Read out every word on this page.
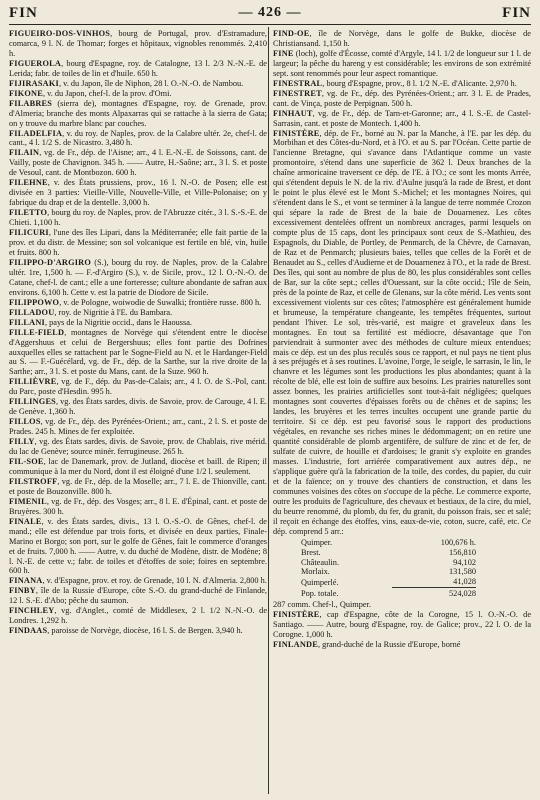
FIN	— 426 —	FIN

FIGUEIRO-DOS-VINHOS, bourg de Portugal, prov. d'Estramadure, comarca, 9 l. N. de Thomar; forges et hôpitaux, vignobles renommés. 2,410 h.

FIGUEROLA, bourg d'Espagne, roy. de Catalogne, 13 l. 2/3 N.-N.-E. de Lerida; fabr. de toiles de lin et d'huile. 650 h.

FIJIRASAKI, v. du Japon, île de Niphon, 28 l. O.-N.-O. de Nambou.

FIKONE, v. du Japon, chef-l. de la prov. d'Omi.

FILABRES (sierra de), montagnes d'Espagne, roy. de Grenade, prov. d'Almeria; branche des monts Alpaxarras qui se rattache à la sierra de Gata; on y trouve du marbre blanc par couches.

FILADELFIA, v. du roy. de Naples, prov. de la Calabre ultér. 2e, chef-l. de cant., 4 l. 1/2 S. de Nicastro. 3,480 h.

FILAIN, vg. de Fr., dép. de l'Aisne; arr., 4 l. E.-N.-E. de Soissons, cant. de Vailly, poste de Chavignon. 345 h. —— Autre, H.-Saône; arr., 3 l. S. et poste de Vesoul, cant. de Montbozon. 600 h.

FILEHNE, v. des États prussiens, prov., 16 l. N.-O. de Posen; elle est divisée en 3 parties: Vieille-Ville, Nouvelle-Ville, et Ville-Polonaise; on y fabrique du drap et de la dentelle. 3,000 h.

FILETTO, bourg du roy. de Naples, prov. de l'Abruzze citér., 3 l. S.-S.-E. de Chieti. 1,100 h.

FILICURI, l'une des îles Lipari, dans la Méditerranée; elle fait partie de la prov. et du distr. de Messine; son sol volcanique est fertile en blé, vin, huile et fruits. 800 h.

FILIPPO-D'ARGIRO (S.), bourg du roy. de Naples, prov. de la Calabre ultér. 1re, 1,500 h. — F.-d'Argiro (S.), v. de Sicile, prov., 12 l. O.-N.-O. de Catane, chef-l. de cant.; elle a une forteresse; culture abondante de safran aux environs. 6,100 h. Cette v. est la patrie de Diodore de Sicile.

FILIPPOWO, v. de Pologne, woiwodie de Suwalki; frontière russe. 800 h.

FILLADOU, roy. de Nigritie à l'E. du Bambara.

FILLANI, pays de la Nigritie occid., dans le Haoussa.

FILLE-FIELD, montagnes de Norvège qui s'étendent entre le diocèse d'Aggershuus et celui de Bergershuus; elles font partie des Dofrines auxquelles elles se rattachent par le Sogne-Field au N. et le Hardanger-Field au S. — F.-Guécélard, vg. de Fr., dép. de la Sarthe, sur la rive droite de la Sarthe; arr., 3 l. S. et poste du Mans, cant. de la Suze. 960 h.

FILLIÈVRE, vg. de F., dép. du Pas-de-Calais; arr., 4 l. O. de S.-Pol, cant. du Parc, poste d'Hesdin. 995 h.

FILLINGES, vg. des États sardes, divis. de Savoie, prov. de Carouge, 4 l. E. de Genève. 1,360 h.

FILLOS, vg. de Fr., dép. des Pyrénées-Orient.; arr., cant., 2 l. S. et poste de Prades. 245 h. Mines de fer exploitée.

FILLY, vg. des États sardes, divis. de Savoie, prov. de Chablais, rive mérid. du lac de Genève; source minér. ferrugineuse. 265 h.

FIL-SOE, lac de Danemark, prov. de Jutland, diocèse et baill. de Ripen; il communique à la mer du Nord, dont il est éloigné d'une 1/2 l. seulement.

FILSTROFF, vg. de Fr., dép. de la Moselle; arr., 7 l. E. de Thionville, cant. et poste de Bouzonville. 800 h.

FIMENIL, vg. de Fr., dép. des Vosges; arr., 8 l. E. d'Épinal, cant. et poste de Bruyères. 300 h.

FINALE, v. des États sardes, divis., 13 l. O.-S.-O. de Gênes, chef-l. de mand.; elle est défendue par trois forts, et divisée en deux parties, Finale-Marino et Borgo; son port, sur le golfe de Gênes, fait le commerce d'oranges et de fruits. 7,000 h. —— Autre, v. du duché de Modène, distr. de Modène; 8 l. N.-E. de cette v.; fabr. de toiles et d'étoffes de soie; foires en septembre. 600 h.

FINANA, v. d'Espagne, prov. et roy. de Grenade, 10 l. N. d'Almeria. 2,800 h.

FINBY, île de la Russie d'Europe, côte S.-O. du grand-duché de Finlande, 12 l. S.-E. d'Abo; pêche du saumon.

FINCHLEY, vg. d'Anglet., comté de Middlesex, 2 l. 1/2 N.-N.-O. de Londres. 1,292 h.

FINDAAS, paroisse de Norvège, diocèse, 16 l. S. de Bergen. 3,940 h.

FIND-OE, île de Norvège, dans le golfe de Bukke, diocèse de Christiansand. 1,150 h.

FINE (loch), golfe d'Écosse, comté d'Argyle, 14 l. 1/2 de longueur sur 1 l. de largeur; la pêche du hareng y est considérable; les environs de son extrémité sept. sont renommés pour leur aspect romantique.

FINESTRAL, bourg d'Espagne, prov., 8 l. 1/2 N.-E. d'Alicante. 2,970 h.

FINESTRET, vg. de Fr., dép. des Pyrénées-Orient.; arr. 3 l. E. de Prades, cant. de Vinça, poste de Perpignan. 500 h.

FINHAUT, vg. de Fr., dép. de Tarn-et-Garonne; arr., 4 l. S.-E. de Castel-Sarrasin, cant. et poste de Montech. 1,400 h.

FINISTÈRE, dép. de Fr., borné au N. par la Manche, à l'E. par les dép. du Morbihan et des Côtes-du-Nord, et à l'O. et au S. par l'Océan. Cette partie de l'ancienne Bretagne, qui s'avance dans l'Atlantique comme un vaste promontoire, s'étend dans une superficie de 362 l. Deux branches de la chaîne armoricaine traversent ce dép. de l'E. à l'O.; ce sont les monts Arrée, qui s'étendent depuis le N. de la riv. d'Aulne jusqu'à la rade de Brest, et dont le point le plus élevé est le Mont S.-Michel; et les montagnes Noires, qui s'étendent dans le S., et vont se terminer à la langue de terre nommée Crozon qui sépare la rade de Brest de la baie de Douarnenez. Les côtes excessivement dentelées offrent un nombreux ancrages, parmi lesquels on compte plus de 15 caps, dont les principaux sont ceux de S.-Mathieu, des Espagnols, du Diable, de Portley, de Penmarch, de la Chèvre, de Carnavan, de Raz et de Penmarch; plusieurs baies, telles que celles de la Forêt et de Benaudet au S., celles d'Audierne et de Douarnenez à l'O., et la rade de Brest. Des îles, qui sont au nombre de plus de 80, les plus considérables sont celles de Bar, sur la côte sept.; celles d'Ouessant, sur la côte occid.; l'île de Sein, près de la pointe de Raz, et celle de Glenans, sur la côte mérid. Les vents sont excessivement violents sur ces côtes; l'atmosphère est généralement humide et brumeuse, la température changeante, les tempêtes fréquentes, surtout pendant l'hiver. Le sol, très-varié, est maigre et graveleux dans les montagnes. En tout sa fertilité est médiocre, désavantage que l'on parviendrait à surmonter avec des méthodes de culture mieux entendues; mais ce dép. est un des plus reculés sous ce rapport, et nul pays ne tient plus à ses préjugés et à ses routines. L'avoine, l'orge, le seigle, le sarrasin, le lin, le chanvre et les légumes sont les productions les plus abondantes; quant à la récolte de blé, elle est loin de suffire aux besoins. Les prairies naturelles sont assez bonnes, les prairies artificielles sont tout-à-fait négligées; quelques montagnes sont couvertes d'épaisses forêts ou de chênes et de sapins; les landes, les bruyères et les terres incultes occupent une grande partie du territoire. Si ce dép. est peu favorisé sous le rapport des productions végétales, en revanche ses riches mines le dédommagent; on en retire une quantité considérable de plomb argentifère, de sulfure de zinc et de fer, de sulfate de cuivre, de houille et d'ardoises; le granit s'y exploite en grandes masses. L'industrie, fort arriérée comparativement aux autres dép., ne s'applique guère qu'à la fabrication de la toile, des cordes, du papier, du cuir et de la faïence; on y trouve des chantiers de construction, et dans les communes voisines des côtes on s'occupe de la pêche. Le commerce exporte, outre les produits de l'agriculture, des chevaux et bestiaux, de la cire, du miel, du beurre renommé, du plomb, du fer, du granit, du poisson frais, sec et salé; il reçoit en échange des étoffes, vins, eaux-de-vie, coton, sucre, café, etc. Ce dép. comprend 5 arr.:

Quimper.	100,676 h.
Brest.	156,810
Châteaulin.	94,102
Morlaix.	131,580
Quimperlé.	41,028
Pop. totale.	524,028

287 comm. Chef-l., Quimper.

FINISTÈRE, cap d'Espagne, côte de la Corogne, 15 l. O.-N.-O. de Santiago. —— Autre, bourg d'Espagne, roy. de Galice; prov., 22 l. O. de la Corogne. 1,000 h.

FINLANDE, grand-duché de la Russie d'Europe, borné
